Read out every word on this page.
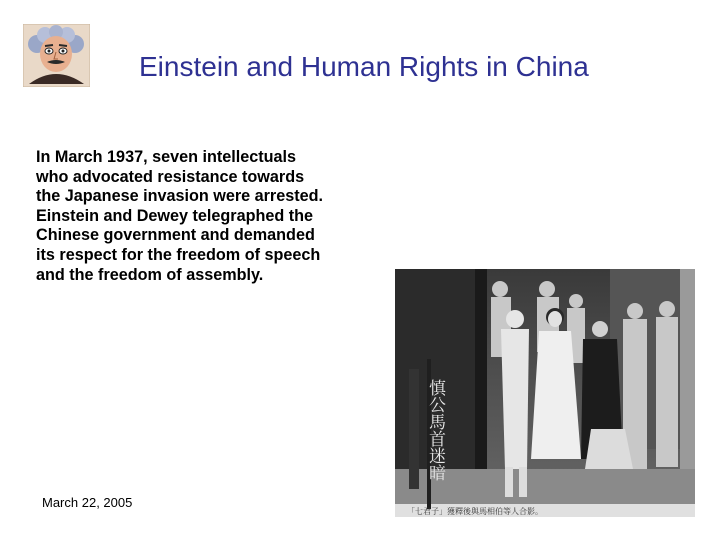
Einstein and Human Rights in China
In March 1937, seven intellectuals
who advocated resistance towards
the Japanese invasion were arrested.
Einstein and Dewey telegraphed the
Chinese government and demanded
its respect for the freedom of speech
and the freedom of assembly.
慎公馬首迷暗
「七君子」獲釋後與馬相伯等人合影。
March 22, 2005
